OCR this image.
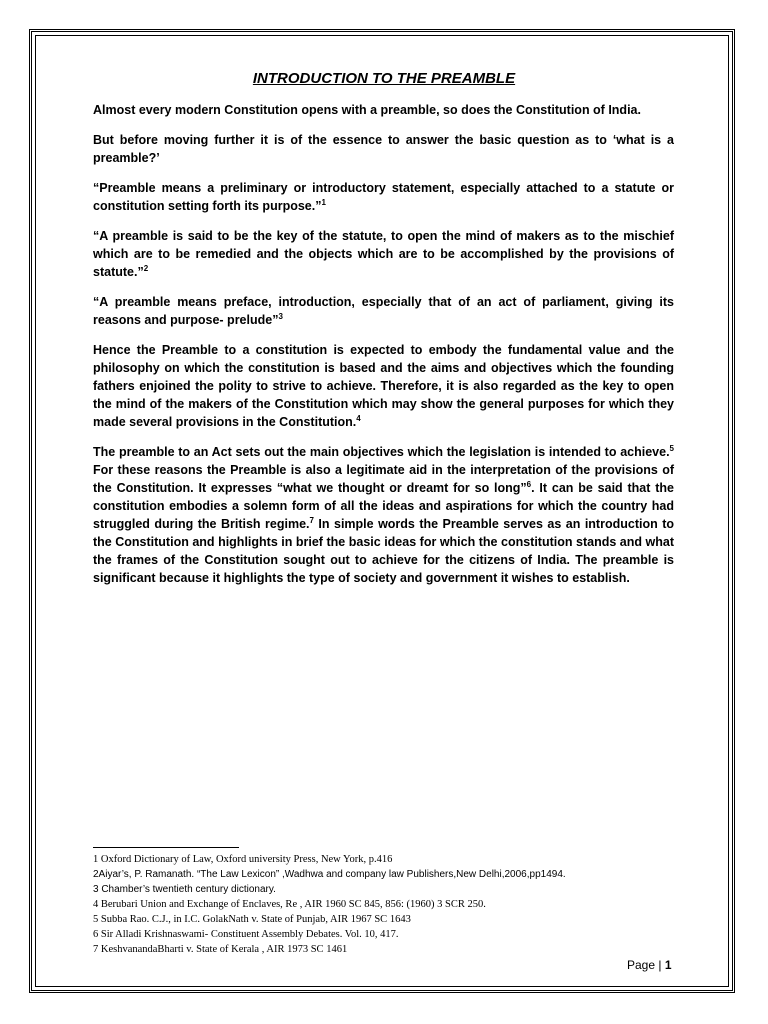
INTRODUCTION TO THE PREAMBLE

Almost every modern Constitution opens with a preamble, so does the Constitution of India.

But before moving further it is of the essence to answer the basic question as to ‘what is a preamble?’

“Preamble means a preliminary or introductory statement, especially attached to a statute or constitution setting forth its purpose.”$^1$

“A preamble is said to be the key of the statute, to open the mind of makers as to the mischief which are to be remedied and the objects which are to be accomplished by the provisions of statute.”$^2$

“A preamble means preface, introduction, especially that of an act of parliament, giving its reasons and purpose- prelude”$^3$

Hence the Preamble to a constitution is expected to embody the fundamental value and the philosophy on which the constitution is based and the aims and objectives which the founding fathers enjoined the polity to strive to achieve. Therefore, it is also regarded as the key to open the mind of the makers of the Constitution which may show the general purposes for which they made several provisions in the Constitution.$^4$

The preamble to an Act sets out the main objectives which the legislation is intended to achieve.$^5$ For these reasons the Preamble is also a legitimate aid in the interpretation of the provisions of the Constitution. It expresses “what we thought or dreamt for so long”$^6$. It can be said that the constitution embodies a solemn form of all the ideas and aspirations for which the country had struggled during the British regime.$^7$ In simple words the Preamble serves as an introduction to the Constitution and highlights in brief the basic ideas for which the constitution stands and what the frames of the Constitution sought out to achieve for the citizens of India. The preamble is significant because it highlights the type of society and government it wishes to establish.

1 Oxford Dictionary of Law, Oxford university Press, New York, p.416
2Aiyar’s, P. Ramanath. “The Law Lexicon” ,Wadhwa and company law Publishers,New Delhi,2006,pp1494.
3 Chamber’s twentieth century dictionary.
4 Berubari Union and Exchange of Enclaves, Re , AIR 1960 SC 845, 856: (1960) 3 SCR 250.
5 Subba Rao. C.J., in I.C. GolakNath v. State of Punjab, AIR 1967 SC 1643
6 Sir Alladi Krishnaswami- Constituent Assembly Debates. Vol. 10, 417.
7 KeshvanandaBharti v. State of Kerala , AIR 1973 SC 1461
Page | 1
